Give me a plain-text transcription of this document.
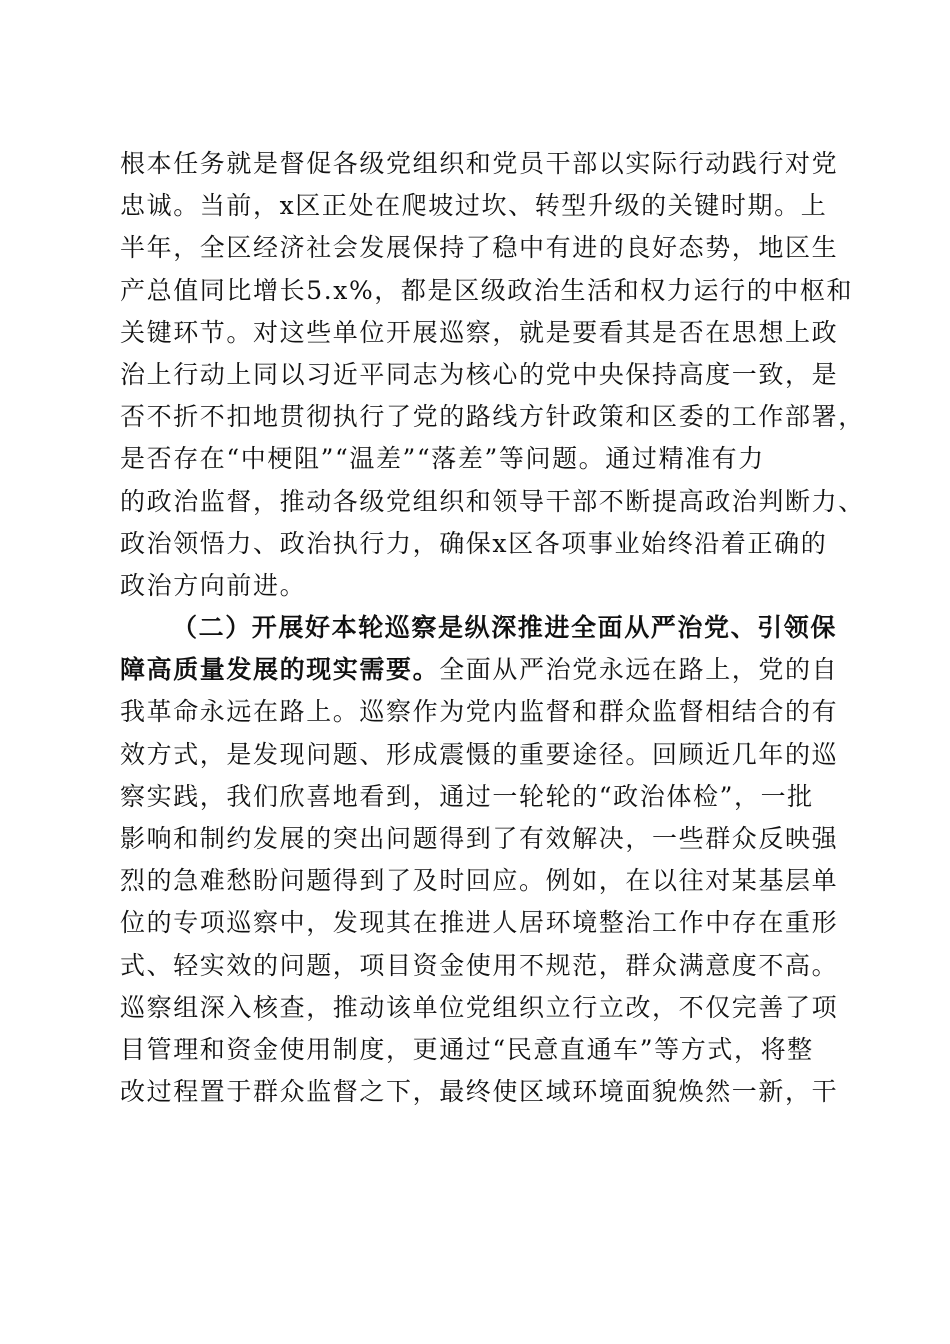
根本任务就是督促各级党组织和党员干部以实际行动践行对党
忠诚。当前，x区正处在爬坡过坎、转型升级的关键时期。上
半年，全区经济社会发展保持了稳中有进的良好态势，地区生
产总值同比增长5.x%，都是区级政治生活和权力运行的中枢和
关键环节。对这些单位开展巡察，就是要看其是否在思想上政
治上行动上同以习近平同志为核心的党中央保持高度一致，是
否不折不扣地贯彻执行了党的路线方针政策和区委的工作部署，
是否存在“中梗阻”“温差”“落差”等问题。通过精准有力
的政治监督，推动各级党组织和领导干部不断提高政治判断力、
政治领悟力、政治执行力，确保x区各项事业始终沿着正确的
政治方向前进。
（二）开展好本轮巡察是纵深推进全面从严治党、引领保
障高质量发展的现实需要。全面从严治党永远在路上，党的自
我革命永远在路上。巡察作为党内监督和群众监督相结合的有
效方式，是发现问题、形成震慑的重要途径。回顾近几年的巡
察实践，我们欣喜地看到，通过一轮轮的“政治体检”，一批
影响和制约发展的突出问题得到了有效解决，一些群众反映强
烈的急难愁盼问题得到了及时回应。例如，在以往对某基层单
位的专项巡察中，发现其在推进人居环境整治工作中存在重形
式、轻实效的问题，项目资金使用不规范，群众满意度不高。
巡察组深入核查，推动该单位党组织立行立改，不仅完善了项
目管理和资金使用制度，更通过“民意直通车”等方式，将整
改过程置于群众监督之下，最终使区域环境面貌焕然一新，干
